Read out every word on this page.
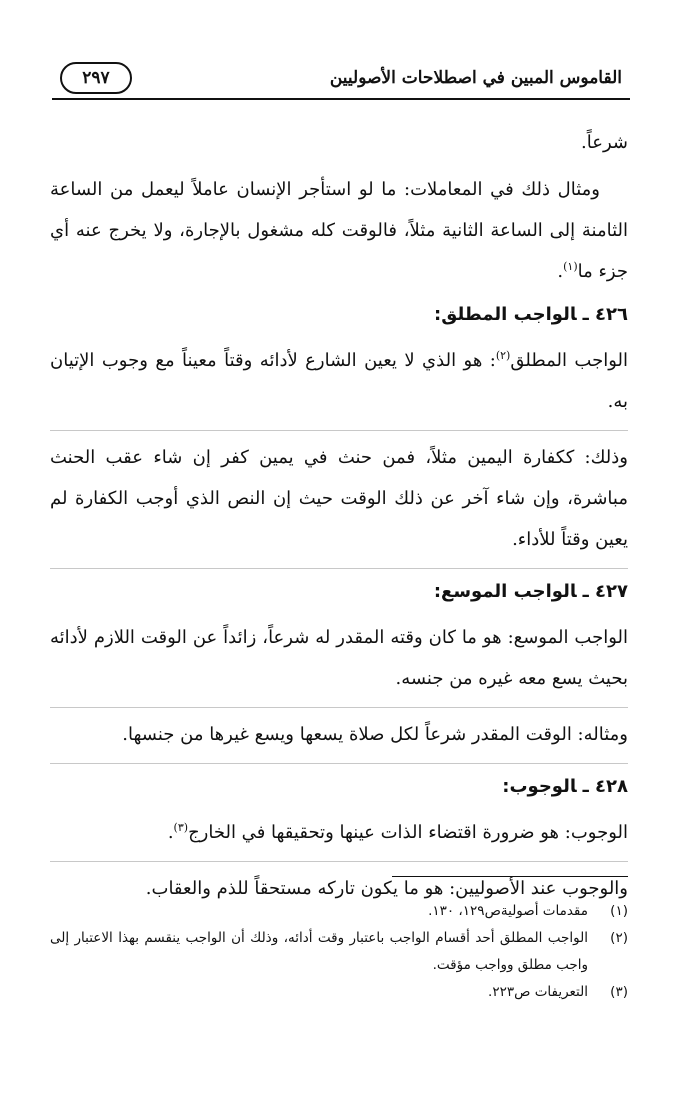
القاموس المبين في اصطلاحات الأصوليين
٢٩٧

شرعاً.

ومثال ذلك في المعاملات: ما لو استأجر الإنسان عاملاً ليعمل من الساعة الثامنة إلى الساعة الثانية مثلاً، فالوقت كله مشغول بالإجارة، ولا يخرج عنه أي جزء ما$^{(١)}$.

٤٢٦ ـالواجب المطلق:

الواجب المطلق$^{(٢)}$: هو الذي لا يعين الشارع لأدائه وقتاً معيناً مع وجوب الإتيان به.

وذلك: ككفارة اليمين مثلاً، فمن حنث في يمين كفر إن شاء عقب الحنث مباشرة، وإن شاء آخر عن ذلك الوقت حيث إن النص الذي أوجب الكفارة لم يعين وقتاً للأداء.

٤٢٧ ـالواجب الموسع:

الواجب الموسع: هو ما كان وقته المقدر له شرعاً، زائداً عن الوقت اللازم لأدائه بحيث يسع معه غيره من جنسه.

ومثاله: الوقت المقدر شرعاً لكل صلاة يسعها ويسع غيرها من جنسها.

٤٢٨ ـالوجوب:

الوجوب: هو ضرورة اقتضاء الذات عينها وتحقيقها في الخارج$^{(٣)}$.

والوجوب عند الأصوليين: هو ما يكون تاركه مستحقاً للذم والعقاب.

(١)
مقدمات أصوليةص١٢٩، ١٣٠.
(٢)
الواجب المطلق أحد أقسام الواجب باعتبار وقت أدائه، وذلك أن الواجب ينقسم بهذا الاعتبار إلى واجب مطلق وواجب مؤقت.
(٣)
التعريفات ص٢٢٣.
